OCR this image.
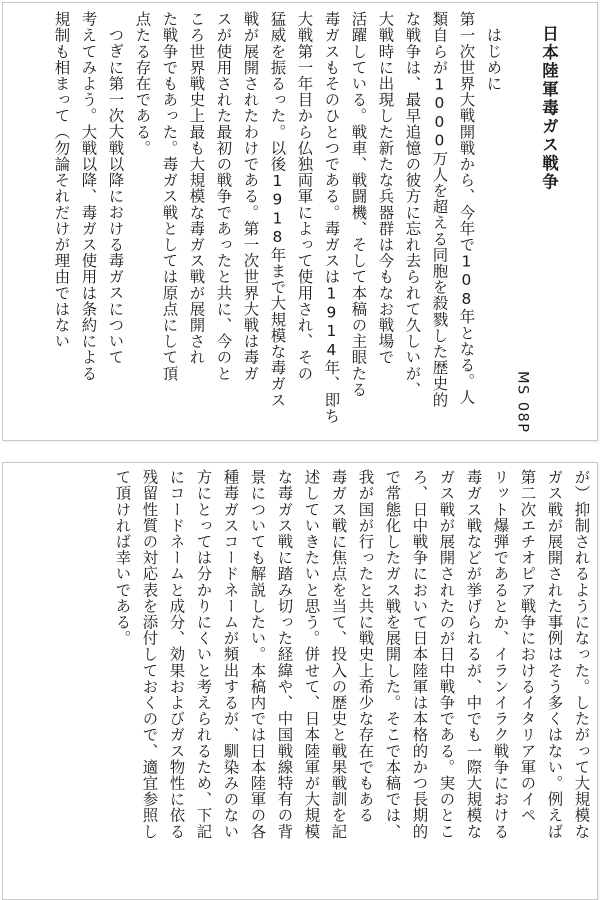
日本陸軍毒ガス戦争
MS 08P
はじめに
第一次世界大戦開戦から、今年で108年となる。人
類自らが1000万人を超える同胞を殺戮した歴史的
な戦争は、最早追憶の彼方に忘れ去られて久しいが、
大戦時に出現した新たな兵器群は今もなお戦場で
活躍している。戦車、戦闘機、そして本稿の主眼たる
毒ガスもそのひとつである。毒ガスは1914年、即ち
大戦第一年目から仏独両軍によって使用され、その
猛威を振るった。以後1918年まで大規模な毒ガス
戦が展開されたわけである。第一次世界大戦は毒ガ
スが使用された最初の戦争であったと共に、今のと
ころ世界戦史上最も大規模な毒ガス戦が展開され
た戦争でもあった。毒ガス戦としては原点にして頂
点たる存在である。
つぎに第一次大戦以降における毒ガスについて
考えてみよう。大戦以降、毒ガス使用は条約による
規制も相まって（勿論それだけが理由ではない
が）抑制されるようになった。したがって大規模な
ガス戦が展開された事例はそう多くはない。例えば
第二次エチオピア戦争におけるイタリア軍のイペ
リット爆弾であるとか、イランイラク戦争における
毒ガス戦などが挙げられるが、中でも一際大規模な
ガス戦が展開されたのが日中戦争である。実のとこ
ろ、日中戦争において日本陸軍は本格的かつ長期的
で常態化したガス戦を展開した。そこで本稿では、
我が国が行ったと共に戦史上希少な存在でもある
毒ガス戦に焦点を当て、投入の歴史と戦果戦訓を記
述していきたいと思う。併せて、日本陸軍が大規模
な毒ガス戦に踏み切った経緯や、中国戦線特有の背
景についても解説したい。本稿内では日本陸軍の各
種毒ガスコードネームが頻出するが、馴染みのない
方にとっては分かりにくいと考えられるため、下記
にコードネームと成分、効果およびガス物性に依る
残留性質の対応表を添付しておくので、適宜参照し
て頂ければ幸いである。
